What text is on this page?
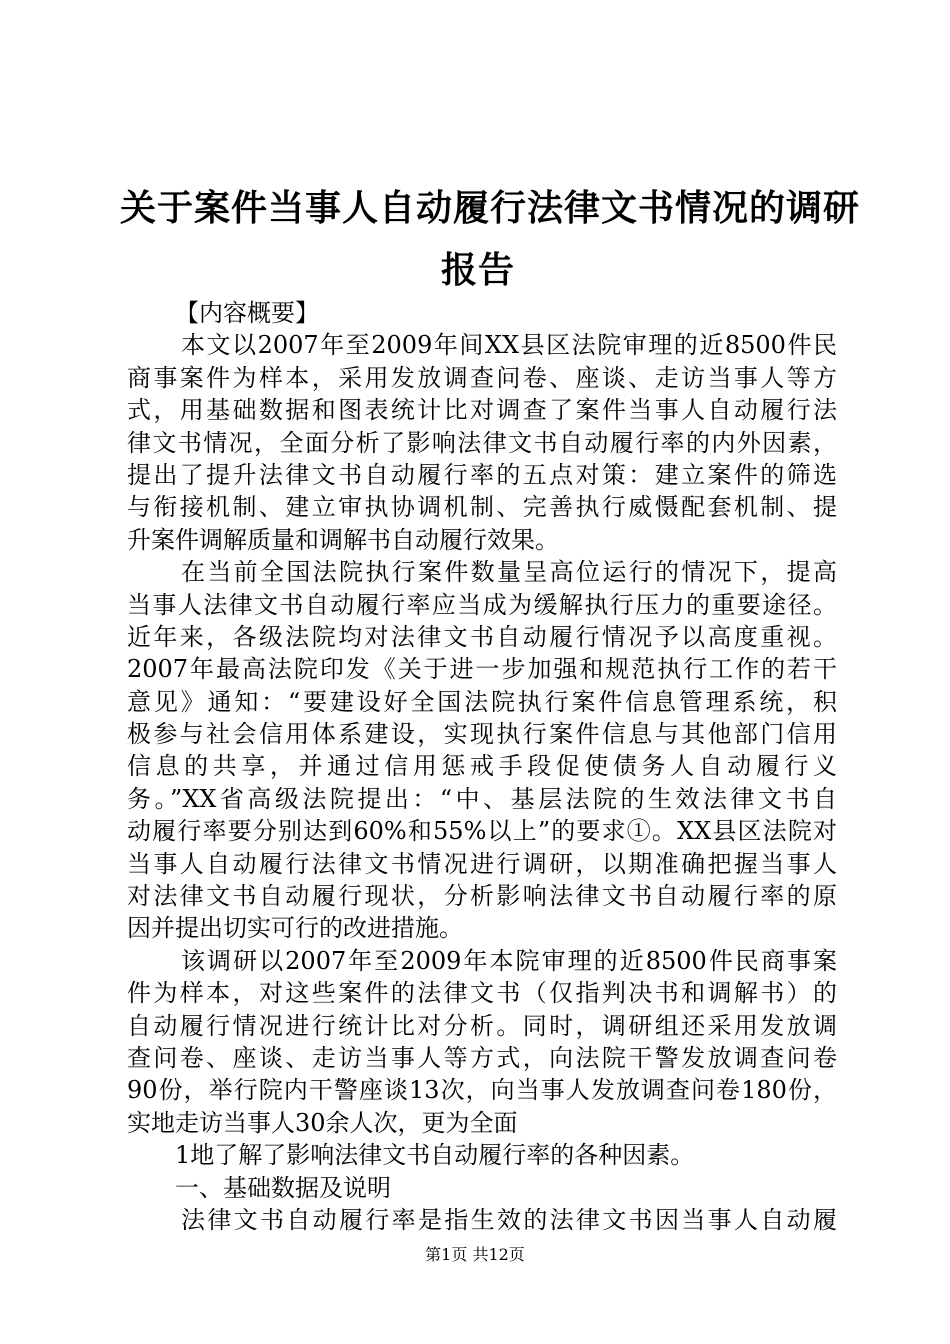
关于案件当事人自动履行法律文书情况的调研
报告
【内容概要】
本文以2007年至2009年间XX县区法院审理的近8500件民
商事案件为样本，采用发放调查问卷、座谈、走访当事人等方
式，用基础数据和图表统计比对调查了案件当事人自动履行法
律文书情况，全面分析了影响法律文书自动履行率的内外因素，
提出了提升法律文书自动履行率的五点对策：建立案件的筛选
与衔接机制、建立审执协调机制、完善执行威慑配套机制、提
升案件调解质量和调解书自动履行效果。
在当前全国法院执行案件数量呈高位运行的情况下，提高
当事人法律文书自动履行率应当成为缓解执行压力的重要途径。
近年来，各级法院均对法律文书自动履行情况予以高度重视。
2007年最高法院印发《关于进一步加强和规范执行工作的若干
意见》通知：“要建设好全国法院执行案件信息管理系统，积
极参与社会信用体系建设，实现执行案件信息与其他部门信用
信息的共享，并通过信用惩戒手段促使债务人自动履行义
务。”XX省高级法院提出：“中、基层法院的生效法律文书自
动履行率要分别达到60%和55%以上”的要求①。XX县区法院对
当事人自动履行法律文书情况进行调研，以期准确把握当事人
对法律文书自动履行现状，分析影响法律文书自动履行率的原
因并提出切实可行的改进措施。
该调研以2007年至2009年本院审理的近8500件民商事案
件为样本，对这些案件的法律文书（仅指判决书和调解书）的
自动履行情况进行统计比对分析。同时，调研组还采用发放调
查问卷、座谈、走访当事人等方式，向法院干警发放调查问卷
90份，举行院内干警座谈13次，向当事人发放调查问卷180份，
实地走访当事人30余人次，更为全面
1地了解了影响法律文书自动履行率的各种因素。
一、基础数据及说明
法律文书自动履行率是指生效的法律文书因当事人自动履
第1页 共12页
